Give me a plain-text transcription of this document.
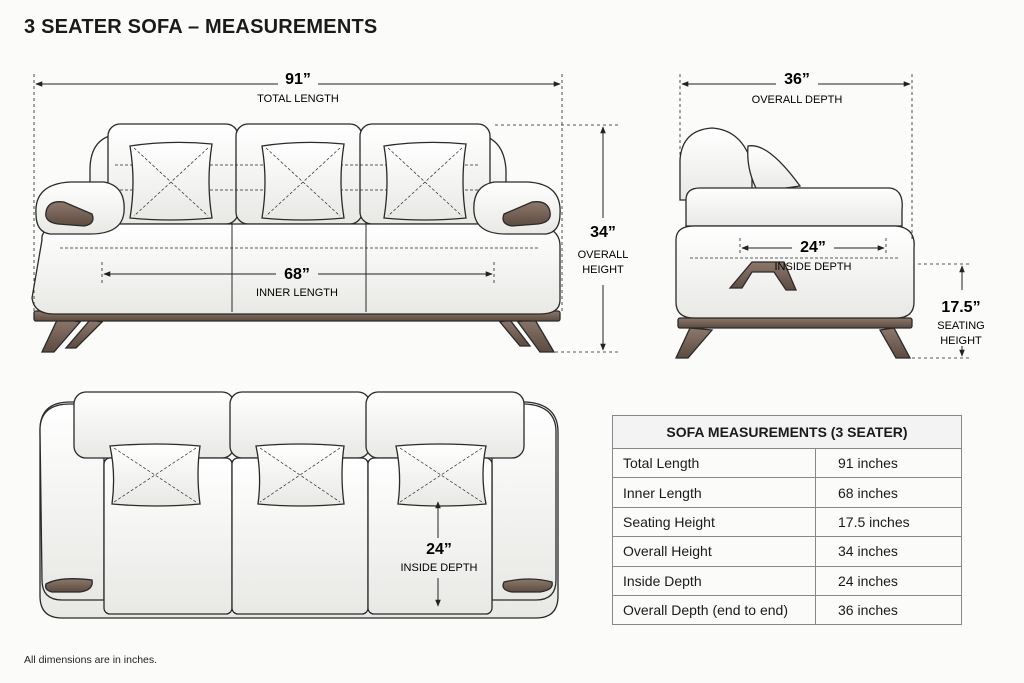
3 SEATER SOFA – MEASUREMENTS
91”
TOTAL LENGTH
68”
INNER LENGTH
34”
OVERALL
HEIGHT
36”
OVERALL DEPTH
24”
INSIDE DEPTH
17.5”
SEATING
HEIGHT
24”
INSIDE DEPTH
SOFA MEASUREMENTS (3 SEATER)	
Total Length	91 inches
Inner Length	68 inches
Seating Height	17.5 inches
Overall Height	34 inches
Inside Depth	24 inches
Overall Depth (end to end)	36 inches
All dimensions are in inches.
